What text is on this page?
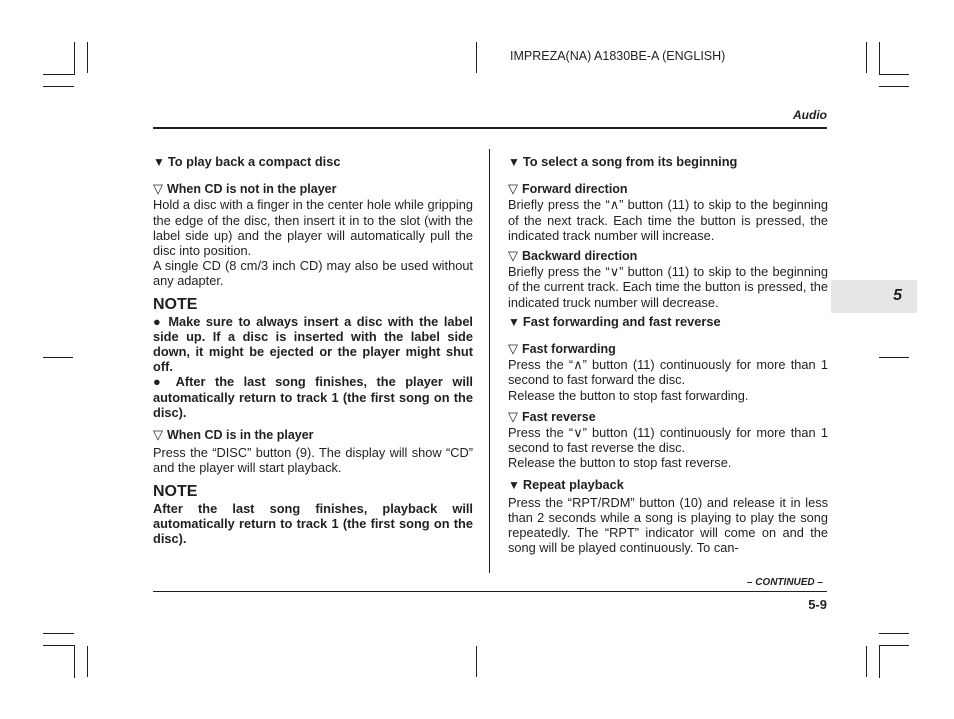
IMPREZA(NA) A1830BE-A (ENGLISH)
Audio
5
▼ To play back a compact disc
▽ When CD is not in the player

Hold a disc with a finger in the center hole while gripping the edge of the disc, then insert it in to the slot (with the label side up) and the player will automatically pull the disc into position.

A single CD (8 cm/3 inch CD) may also be used without any adapter.

NOTE

● Make sure to always insert a disc with the label side up. If a disc is inserted with the label side down, it might be ejected or the player might shut off.

● After the last song finishes, the player will automatically return to track 1 (the first song on the disc).

▽ When CD is in the player

Press the “DISC” button (9). The display will show “CD” and the player will start playback.

NOTE

After the last song finishes, playback will automatically return to track 1 (the first song on the disc).

▼ To select a song from its beginning
▽ Forward direction

Briefly press the “∧” button (11) to skip to the beginning of the next track. Each time the button is pressed, the indicated track number will increase.

▽ Backward direction

Briefly press the “∨” button (11) to skip to the beginning of the current track. Each time the button is pressed, the indicated truck number will decrease.

▼ Fast forwarding and fast reverse
▽ Fast forwarding

Press the “∧” button (11) continuously for more than 1 second to fast forward the disc.

Release the button to stop fast forwarding.

▽ Fast reverse

Press the “∨” button (11) continuously for more than 1 second to fast reverse the disc.

Release the button to stop fast reverse.

▼ Repeat playback

Press the “RPT/RDM” button (10) and release it in less than 2 seconds while a song is playing to play the song repeatedly. The “RPT” indicator will come on and the song will be played continuously. To can-

– CONTINUED –
5-9
